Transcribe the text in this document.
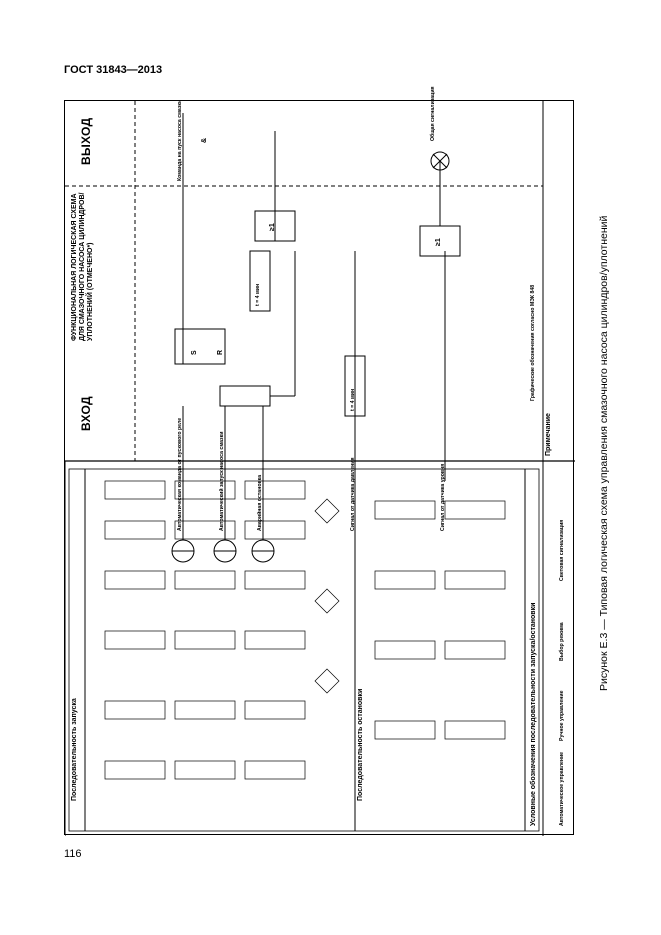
ГОСТ 31843—2013
116
ВЫХОД
ВХОД
ФУНКЦИОНАЛЬНАЯ ЛОГИЧЕСКАЯ СХЕМА ДЛЯ СМАЗОЧНОГО НАСОСА ЦИЛИНДРОВ/УПЛОТНЕНИЙ (ОТМЕЧЕНО*)
&
S	R
≥1
≥1
t = 4 мин
t = 4 мин
Автоматическая команда от пускового реле	Автоматический запуск насоса смазки	Аварийная остановка	Сигнал от датчика давления	Сигнал от датчика уровня
Команда на пуск насоса смазки	Общая сигнализация
Примечание
Графические обозначения согласно МЭК 848
Последовательность запуска	Последовательность остановки	Условные обозначения последовательности запуска/остановки	Автоматическое управление
Ручное управление
Выбор режима
Световая сигнализация	Рисунок Е.3 — Типовая логическая схема управления смазочного насоса цилиндров/уплотнений
